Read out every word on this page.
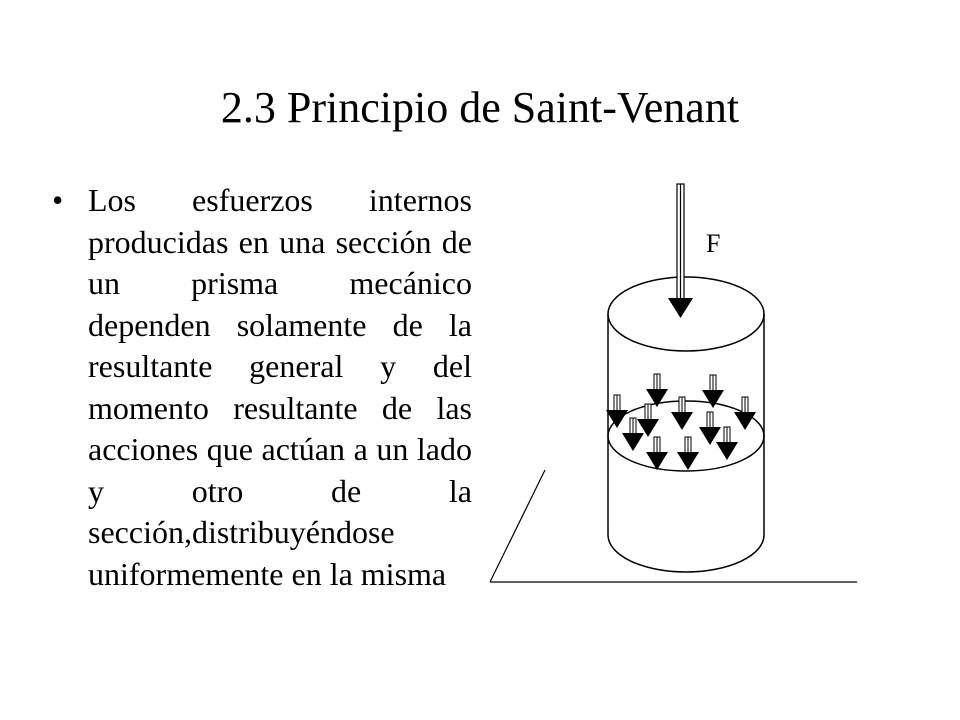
2.3 Principio de Saint-Venant
• Los esfuerzos internos producidas en una sección de un prisma mecánico dependen solamente de la resultante general y del momento resultante de las acciones que actúan a un lado y otro de la sección,distribuyéndose uniformemente en la misma
F
